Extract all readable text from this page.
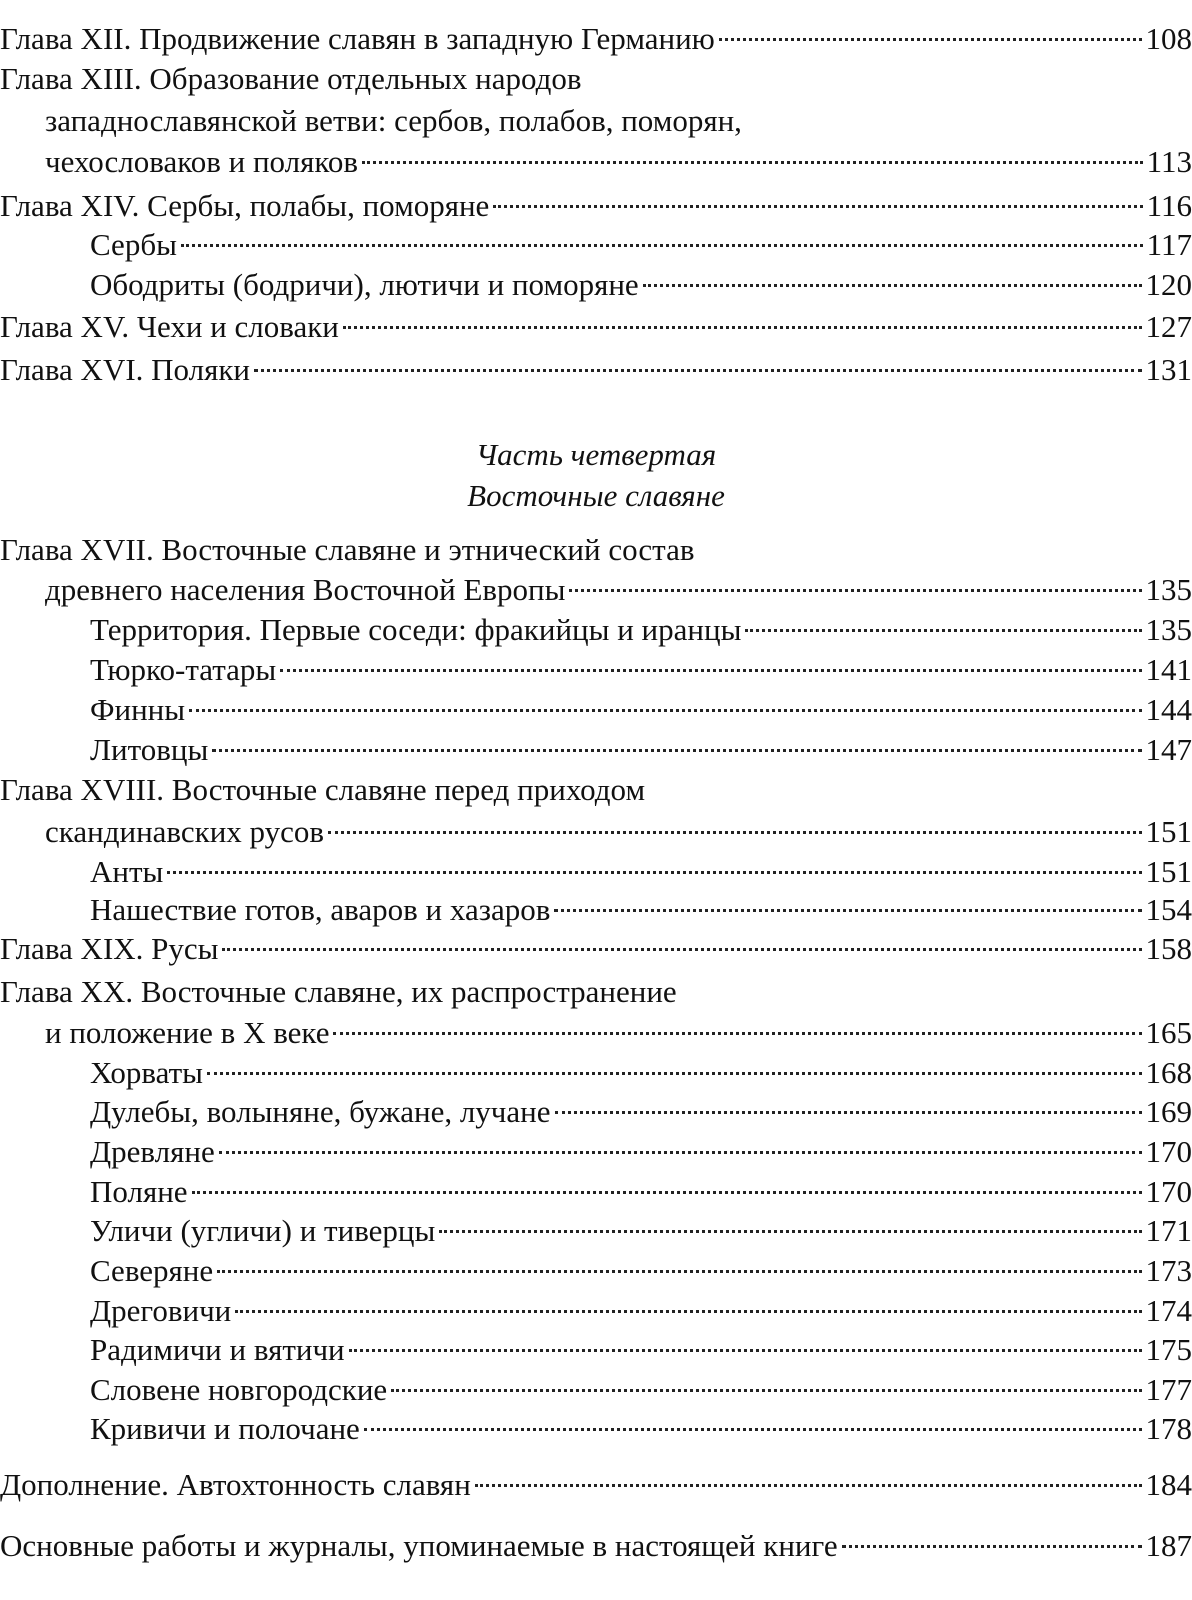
Глава XII. Продвижение славян в западную Германию	108
Глава XIII. Образование отдельных народов
западнославянской ветви: сербов, полабов, поморян,
чехословаков и поляков	113
Глава XIV. Сербы, полабы, поморяне	116
Сербы	117
Ободриты (бодричи), лютичи и поморяне	120
Глава XV. Чехи и словаки	127
Глава XVI. Поляки	131
Часть четвертая
Восточные славяне
Глава XVII. Восточные славяне и этнический состав
древнего населения Восточной Европы	135
Территория. Первые соседи: фракийцы и иранцы	135
Тюрко-татары	141
Финны	144
Литовцы	147
Глава XVIII. Восточные славяне перед приходом
скандинавских русов	151
Анты	151
Нашествие готов, аваров и хазаров	154
Глава XIX. Русы	158
Глава XX. Восточные славяне, их распространение
и положение в X веке	165
Хорваты	168
Дулебы, волыняне, бужане, лучане	169
Древляне	170
Поляне	170
Уличи (угличи) и тиверцы	171
Северяне	173
Дреговичи	174
Радимичи и вятичи	175
Словене новгородские	177
Кривичи и полочане	178
Дополнение. Автохтонность славян	184
Основные работы и журналы, упоминаемые в настоящей книге	187
